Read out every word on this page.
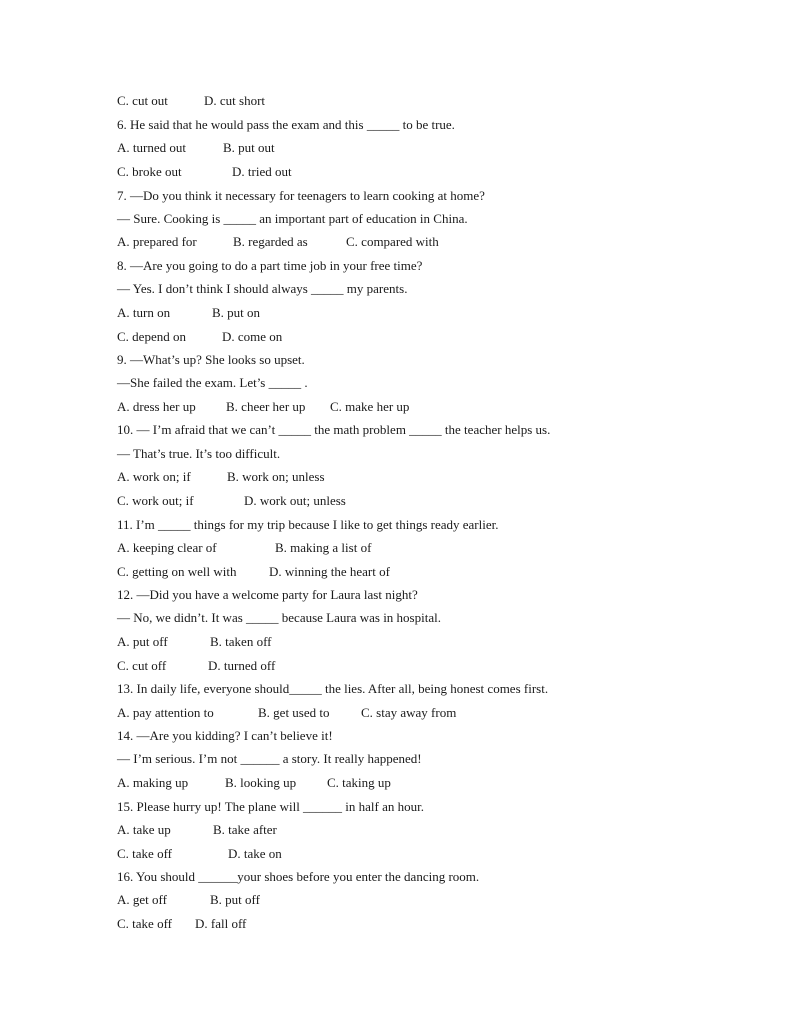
C. cut out

	D. cut short

6. He said that he would pass the exam and this _____ to be true.

A. turned out

	B. put out

C. broke out

	D. tried out

7. —Do you think it necessary for teenagers to learn cooking at home?
— Sure. Cooking is _____ an important part of education in China.

A. prepared for

	B. regarded as

	C. compared with

8. —Are you going to do a part time job in your free time?
— Yes. I don’t think I should always _____ my parents.

A. turn on

	B. put on

C. depend on

	D. come on

9. —What’s up? She looks so upset.
—She failed the exam. Let’s _____ .

A. dress her up

B. cheer her up

C. make her up

10. — I’m afraid that we can’t _____ the math problem _____ the teacher helps us.
— That’s true. It’s too difficult.

A. work on; if

	B. work on; unless

C. work out; if

	D. work out; unless

11. I’m _____ things for my trip because I like to get things ready earlier.

A. keeping clear of

	B. making a list of

C. getting on well with

D. winning the heart of

12. —Did you have a welcome party for Laura last night?
— No, we didn’t. It was _____ because Laura was in hospital.

A. put off

	B. taken off

C. cut off

	D. turned off

13. In daily life, everyone should_____ the lies. After all, being honest comes first.

A. pay attention to

	B. get used to

C. stay away from

14. —Are you kidding? I can’t believe it!
— I’m serious. I’m not ______ a story. It really happened!

A. making up

	B. looking up

C. taking up

15. Please hurry up! The plane will ______ in half an hour.

A. take up

	B. take after

C. take off

	D. take on

16. You should ______your shoes before you enter the dancing room.

A. get off

	B. put off

C. take off

D. fall off
